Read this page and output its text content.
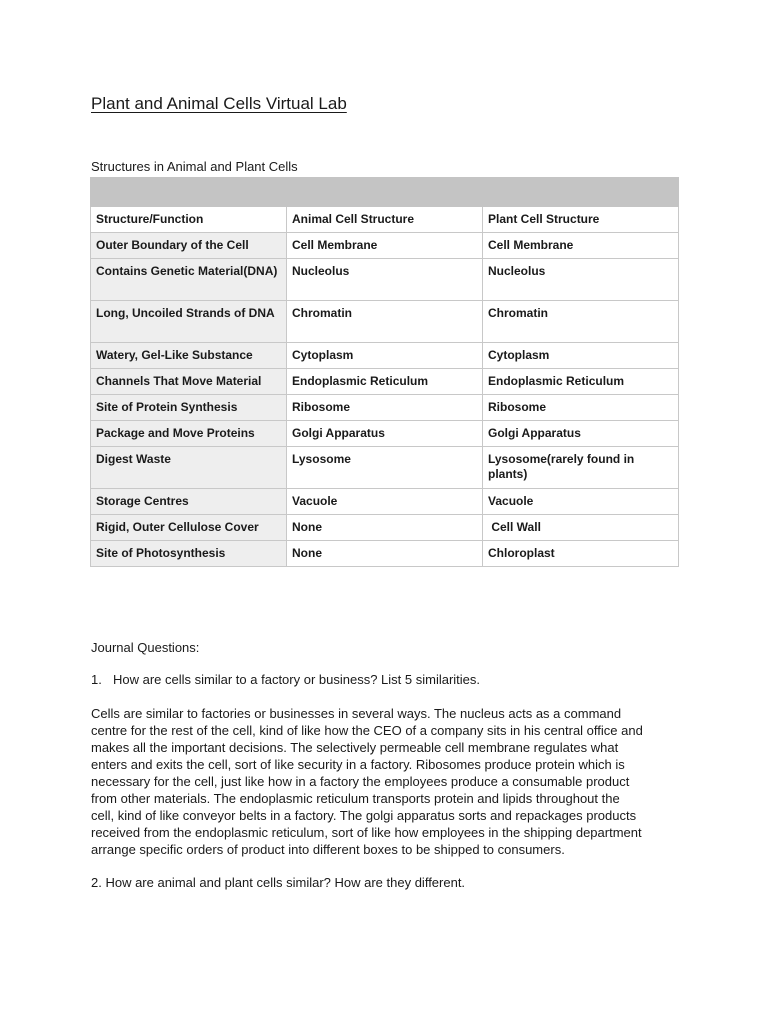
Plant and Animal Cells Virtual Lab
Structures in Animal and Plant Cells

Structure/Function	Animal Cell Structure	Plant Cell Structure
Outer Boundary of the Cell	Cell Membrane	Cell Membrane
Contains Genetic Material(DNA)	Nucleolus	Nucleolus
Long, Uncoiled Strands of DNA	Chromatin	Chromatin
Watery, Gel-Like Substance	Cytoplasm	Cytoplasm
Channels That Move Material	Endoplasmic Reticulum	Endoplasmic Reticulum
Site of Protein Synthesis	Ribosome	Ribosome
Package and Move Proteins	Golgi Apparatus	Golgi Apparatus
Digest Waste	Lysosome	Lysosome(rarely found in plants)
Storage Centres	Vacuole	Vacuole
Rigid, Outer Cellulose Cover	None	Cell Wall
Site of Photosynthesis	None	Chloroplast

Journal Questions:

1. How are cells similar to a factory or business? List 5 similarities.

Cells are similar to factories or businesses in several ways. The nucleus acts as a command
centre for the rest of the cell, kind of like how the CEO of a company sits in his central office and
makes all the important decisions. The selectively permeable cell membrane regulates what
enters and exits the cell, sort of like security in a factory. Ribosomes produce protein which is
necessary for the cell, just like how in a factory the employees produce a consumable product
from other materials. The endoplasmic reticulum transports protein and lipids throughout the
cell, kind of like conveyor belts in a factory. The golgi apparatus sorts and repackages products
received from the endoplasmic reticulum, sort of like how employees in the shipping department
arrange specific orders of product into different boxes to be shipped to consumers.

2. How are animal and plant cells similar? How are they different.
